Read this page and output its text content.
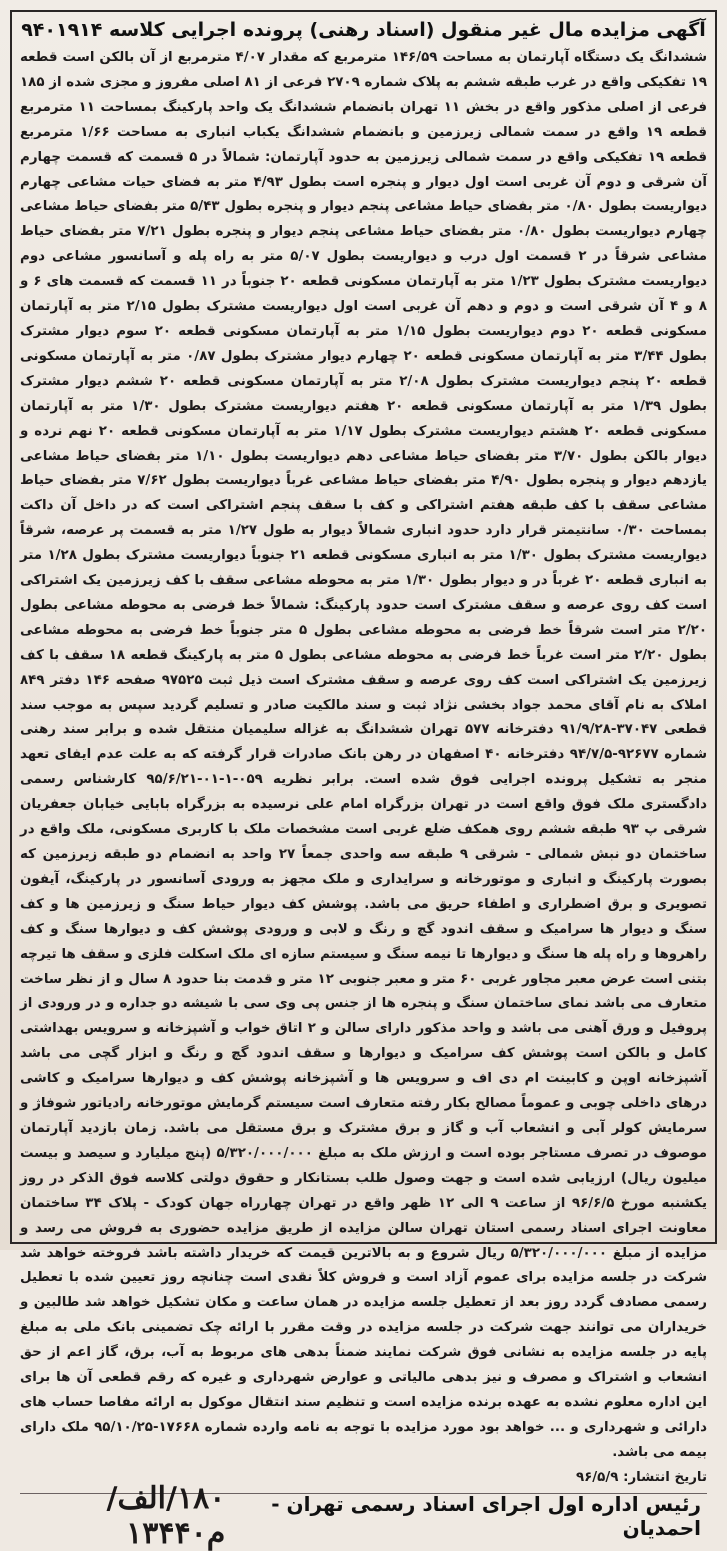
آگهی مزایده مال غیر منقول (اسناد رهنی) پرونده اجرایی کلاسه ۹۴۰۱۹۱۴

ششدانگ یک دستگاه آپارتمان به مساحت ۱۴۶/۵۹ مترمربع که مقدار ۴/۰۷ مترمربع از آن بالکن است قطعه ۱۹ تفکیکی واقع در غرب طبقه ششم به پلاک شماره ۲۷۰۹ فرعی از ۸۱ اصلی مفروز و مجزی شده از ۱۸۵ فرعی از اصلی مذکور واقع در بخش ۱۱ تهران بانضمام ششدانگ یک واحد پارکینگ بمساحت ۱۱ مترمربع قطعه ۱۹ واقع در سمت شمالی زیرزمین و بانضمام ششدانگ یکباب انباری به مساحت ۱/۶۶ مترمربع قطعه ۱۹ تفکیکی واقع در سمت شمالی زیرزمین به حدود آپارتمان: شمالاً در ۵ قسمت که قسمت چهارم آن شرقی و دوم آن غربی است اول دیوار و پنجره است بطول ۴/۹۳ متر به فضای حیات مشاعی چهارم دیواریست بطول ۰/۸۰ متر بفضای حیاط مشاعی پنجم دیوار و پنجره بطول ۵/۴۳ متر بفضای حیاط مشاعی چهارم دیواریست بطول ۰/۸۰ متر بفضای حیاط مشاعی پنجم دیوار و پنجره بطول ۷/۲۱ متر بفضای حیاط مشاعی شرقاً در ۲ قسمت اول درب و دیواریست بطول ۵/۰۷ متر به راه پله و آسانسور مشاعی دوم دیواریست مشترک بطول ۱/۲۳ متر به آپارتمان مسکونی قطعه ۲۰ جنوباً در ۱۱ قسمت که قسمت های ۶ و ۸ و ۴ آن شرقی است و دوم و دهم آن غربی است اول دیواریست مشترک بطول ۲/۱۵ متر به آپارتمان مسکونی قطعه ۲۰ دوم دیواریست بطول ۱/۱۵ متر به آپارتمان مسکونی قطعه ۲۰ سوم دیوار مشترک بطول ۳/۴۴ متر به آپارتمان مسکونی قطعه ۲۰ چهارم دیوار مشترک بطول ۰/۸۷ متر به آپارتمان مسکونی قطعه ۲۰ پنجم دیواریست مشترک بطول ۲/۰۸ متر به آپارتمان مسکونی قطعه ۲۰ ششم دیوار مشترک بطول ۱/۳۹ متر به آپارتمان مسکونی قطعه ۲۰ هفتم دیواریست مشترک بطول ۱/۳۰ متر به آپارتمان مسکونی قطعه ۲۰ هشتم دیواریست مشترک بطول ۱/۱۷ متر به آپارتمان مسکونی قطعه ۲۰ نهم نرده و دیوار بالکن بطول ۳/۷۰ متر بفضای حیاط مشاعی دهم دیواریست بطول ۱/۱۰ متر بفضای حیاط مشاعی یازدهم دیوار و پنجره بطول ۴/۹۰ متر بفضای حیاط مشاعی غرباً دیواریست بطول ۷/۶۲ متر بفضای حیاط مشاعی سقف با کف طبقه هفتم اشتراکی و کف با سقف پنجم اشتراکی است که در داخل آن داکت بمساحت ۰/۳۰ سانتیمتر قرار دارد حدود انباری شمالاً دیوار به طول ۱/۲۷ متر به قسمت پر عرصه، شرقاً دیواریست مشترک بطول ۱/۳۰ متر به انباری مسکونی قطعه ۲۱ جنوباً دیواریست مشترک بطول ۱/۲۸ متر به انباری قطعه ۲۰ غرباً در و دیوار بطول ۱/۳۰ متر به محوطه مشاعی سقف با کف زیرزمین یک اشتراکی است کف روی عرصه و سقف مشترک است حدود پارکینگ: شمالاً خط فرضی به محوطه مشاعی بطول ۲/۲۰ متر است شرقاً خط فرضی به محوطه مشاعی بطول ۵ متر جنوباً خط فرضی به محوطه مشاعی بطول ۲/۲۰ متر است غرباً خط فرضی به محوطه مشاعی بطول ۵ متر به پارکینگ قطعه ۱۸ سقف با کف زیرزمین یک اشتراکی است کف روی عرصه و سقف مشترک است ذیل ثبت ۹۷۵۲۵ صفحه ۱۴۶ دفتر ۸۴۹ املاک به نام آقای محمد جواد بخشی نژاد ثبت و سند مالکیت صادر و تسلیم گردید سپس به موجب سند قطعی ۳۷۰۴۷-۹۱/۹/۲۸ دفترخانه ۵۷۷ تهران ششدانگ به غزاله سلیمیان منتقل شده و برابر سند رهنی شماره ۹۲۶۷۷-۹۴/۷/۵ دفترخانه ۴۰ اصفهان در رهن بانک صادرات قرار گرفته که به علت عدم ایفای تعهد منجر به تشکیل پرونده اجرایی فوق شده است. برابر نظریه ۰۵۹-۱-۰۱-۹۵/۶/۲۱ کارشناس رسمی دادگستری ملک فوق واقع است در تهران بزرگراه امام علی نرسیده به بزرگراه بابایی خیابان جعفریان شرقی پ ۹۳ طبقه ششم روی همکف ضلع غربی است مشخصات ملک با کاربری مسکونی، ملک واقع در ساختمان دو نبش شمالی - شرقی ۹ طبقه سه واحدی جمعاً ۲۷ واحد به انضمام دو طبقه زیرزمین که بصورت پارکینگ و انباری و موتورخانه و سرایداری و ملک مجهز به ورودی آسانسور در پارکینگ، آیفون تصویری و برق اضطراری و اطفاء حریق می باشد. پوشش کف دیوار حیاط سنگ و زیرزمین ها و کف سنگ و دیوار ها سرامیک و سقف اندود گچ و رنگ و لابی و ورودی پوشش کف و دیوارها سنگ و کف راهروها و راه پله ها سنگ و دیوارها تا نیمه سنگ و سیستم سازه ای ملک اسکلت فلزی و سقف ها تیرچه بتنی است عرض معبر مجاور غربی ۶۰ متر و معبر جنوبی ۱۲ متر و قدمت بنا حدود ۸ سال و از نظر ساخت متعارف می باشد نمای ساختمان سنگ و پنجره ها از جنس پی وی سی با شیشه دو جداره و در ورودی از پروفیل و ورق آهنی می باشد و واحد مذکور دارای سالن و ۲ اتاق خواب و آشپزخانه و سرویس بهداشتی کامل و بالکن است پوشش کف سرامیک و دیوارها و سقف اندود گچ و رنگ و ابزار گچی می باشد آشپزخانه اوپن و کابینت ام دی اف و سرویس ها و آشپزخانه پوشش کف و دیوارها سرامیک و کاشی درهای داخلی چوبی و عموماً مصالح بکار رفته متعارف است سیستم گرمایش موتورخانه رادیاتور شوفاژ و سرمایش کولر آبی و انشعاب آب و گاز و برق مشترک و برق مستقل می باشد. زمان بازدید آپارتمان موصوف در تصرف مستاجر بوده است و ارزش ملک به مبلغ ۵/۳۲۰/۰۰۰/۰۰۰ (پنج میلیارد و سیصد و بیست میلیون ریال) ارزیابی شده است و جهت وصول طلب بستانکار و حقوق دولتی کلاسه فوق الذکر در روز یکشنبه مورخ ۹۶/۶/۵ از ساعت ۹ الی ۱۲ ظهر واقع در تهران چهارراه جهان کودک - پلاک ۳۴ ساختمان معاونت اجرای اسناد رسمی استان تهران سالن مزایده از طریق مزایده حضوری به فروش می رسد و مزایده از مبلغ ۵/۳۲۰/۰۰۰/۰۰۰ ریال شروع و به بالاترین قیمت که خریدار داشته باشد فروخته خواهد شد شرکت در جلسه مزایده برای عموم آزاد است و فروش کلاً نقدی است چنانچه روز تعیین شده با تعطیل رسمی مصادف گردد روز بعد از تعطیل جلسه مزایده در همان ساعت و مکان تشکیل خواهد شد طالبین و خریداران می توانند جهت شرکت در جلسه مزایده در وقت مقرر با ارائه چک تضمینی بانک ملی به مبلغ پایه در جلسه مزایده به نشانی فوق شرکت نمایند ضمناً بدهی های مربوط به آب، برق، گاز اعم از حق انشعاب و اشتراک و مصرف و نیز بدهی مالیاتی و عوارض شهرداری و غیره که رقم قطعی آن ها برای این اداره معلوم نشده به عهده برنده مزایده است و تنظیم سند انتقال موکول به ارائه مفاصا حساب های دارائی و شهرداری و ... خواهد بود مورد مزایده با توجه به نامه وارده شماره ۱۷۶۶۸-۹۵/۱۰/۲۵ ملک دارای بیمه می باشد.
تاریخ انتشار: ۹۶/۵/۹

۱۸۰/الف/م۱۳۴۴۰
رئیس اداره اول اجرای اسناد رسمی تهران - احمدیان
